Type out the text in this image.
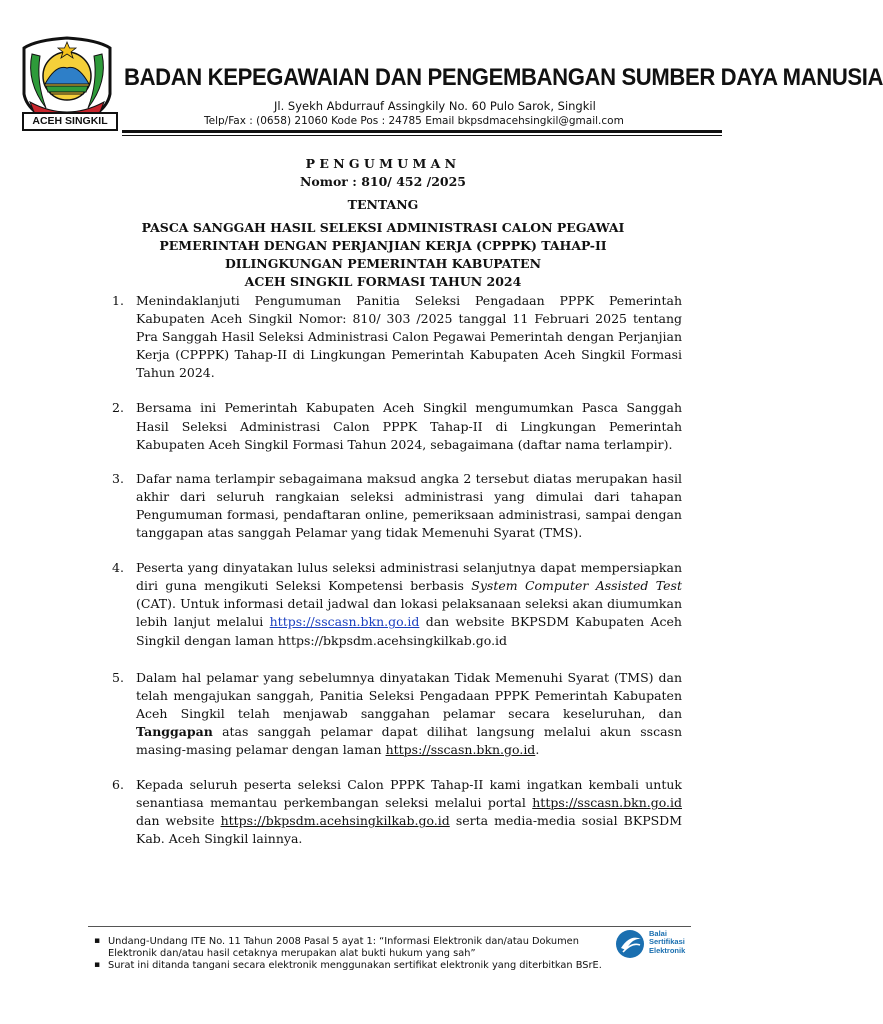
ACEH SINGKIL
BADAN KEPEGAWAIAN DAN PENGEMBANGAN SUMBER DAYA MANUSIA
Jl. Syekh Abdurrauf Assingkily No. 60 Pulo Sarok, Singkil
Telp/Fax : (0658) 21060 Kode Pos : 24785 Email bkpsdmacehsingkil@gmail.com
PENGUMUMAN
Nomor : 810/ 452 /2025
TENTANG
PASCA SANGGAH HASIL SELEKSI ADMINISTRASI CALON PEGAWAI
PEMERINTAH DENGAN PERJANJIAN KERJA (CPPPK) TAHAP-II
DILINGKUNGAN PEMERINTAH KABUPATEN
ACEH SINGKIL FORMASI TAHUN 2024
1. Menindaklanjuti Pengumuman Panitia Seleksi Pengadaan PPPK Pemerintah Kabupaten Aceh Singkil Nomor: 810/ 303 /2025 tanggal 11 Februari 2025 tentang Pra Sanggah Hasil Seleksi Administrasi Calon Pegawai Pemerintah dengan Perjanjian Kerja (CPPPK) Tahap-II di Lingkungan Pemerintah Kabupaten Aceh Singkil Formasi Tahun 2024.
2. Bersama ini Pemerintah Kabupaten Aceh Singkil mengumumkan Pasca Sanggah Hasil Seleksi Administrasi Calon PPPK Tahap-II di Lingkungan Pemerintah Kabupaten Aceh Singkil Formasi Tahun 2024, sebagaimana (daftar nama terlampir).
3. Dafar nama terlampir sebagaimana maksud angka 2 tersebut diatas merupakan hasil akhir dari seluruh rangkaian seleksi administrasi yang dimulai dari tahapan Pengumuman formasi, pendaftaran online, pemeriksaan administrasi, sampai dengan tanggapan atas sanggah Pelamar yang tidak Memenuhi Syarat (TMS).
4. Peserta yang dinyatakan lulus seleksi administrasi selanjutnya dapat mempersiapkan diri guna mengikuti Seleksi Kompetensi berbasis System Computer Assisted Test (CAT). Untuk informasi detail jadwal dan lokasi pelaksanaan seleksi akan diumumkan lebih lanjut melalui https://sscasn.bkn.go.id dan website BKPSDM Kabupaten Aceh Singkil dengan laman https://bkpsdm.acehsingkilkab.go.id
5. Dalam hal pelamar yang sebelumnya dinyatakan Tidak Memenuhi Syarat (TMS) dan telah mengajukan sanggah, Panitia Seleksi Pengadaan PPPK Pemerintah Kabupaten Aceh Singkil telah menjawab sanggahan pelamar secara keseluruhan, dan Tanggapan atas sanggah pelamar dapat dilihat langsung melalui akun sscasn masing-masing pelamar dengan laman https://sscasn.bkn.go.id.
6. Kepada seluruh peserta seleksi Calon PPPK Tahap-II kami ingatkan kembali untuk senantiasa memantau perkembangan seleksi melalui portal https://sscasn.bkn.go.id dan website https://bkpsdm.acehsingkilkab.go.id serta media-media sosial BKPSDM Kab. Aceh Singkil lainnya.
▪ Undang-Undang ITE No. 11 Tahun 2008 Pasal 5 ayat 1: “Informasi Elektronik dan/atau Dokumen Elektronik dan/atau hasil cetaknya merupakan alat bukti hukum yang sah”
▪ Surat ini ditanda tangani secara elektronik menggunakan sertifikat elektronik yang diterbitkan BSrE.
Balai
Sertifikasi
Elektronik
